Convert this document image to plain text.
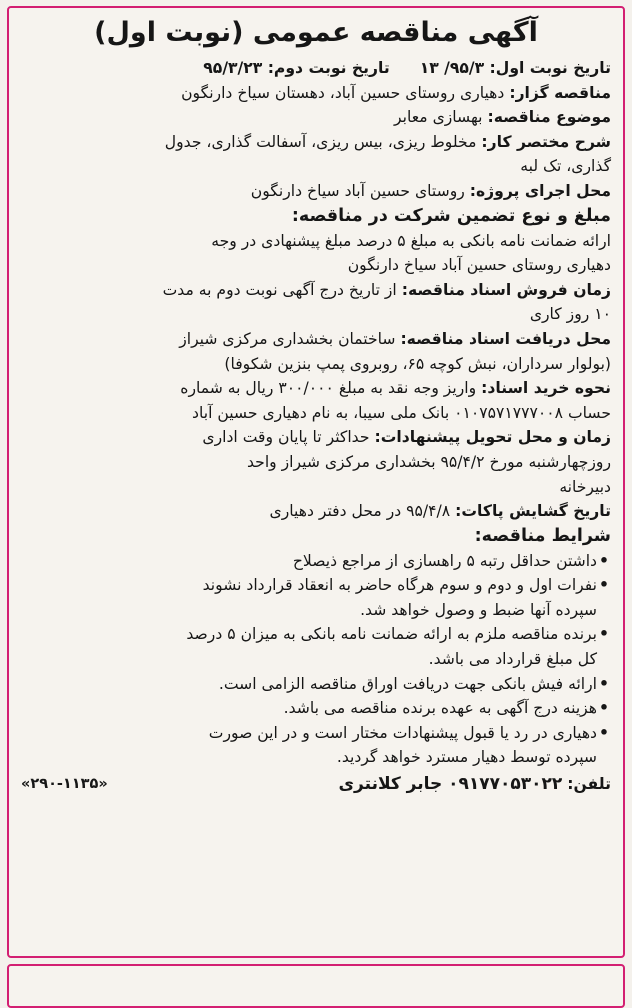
آگهی مناقصه عمومی (نوبت اول)
تاریخ نوبت اول: ۹۵/۳/ ۱۳
تاریخ نوبت دوم: ۹۵/۳/۲۳
مناقصه گزار: دهیاری روستای حسین آباد، دهستان سیاخ دارنگون
موضوع مناقصه: بهسازی معابر
شرح مختصر کار: مخلوط ریزی، بیس ریزی، آسفالت گذاری، جدول
گذاری، تک لبه
محل اجرای پروژه: روستای حسین آباد سیاخ دارنگون
مبلغ و نوع تضمین شرکت در مناقصه:
ارائه ضمانت نامه بانکی به مبلغ ۵ درصد مبلغ پیشنهادی در وجه
دهیاری روستای حسین آباد سیاخ دارنگون
زمان فروش اسناد مناقصه: از تاریخ درج آگهی نوبت دوم به مدت
۱۰ روز کاری
محل دریافت اسناد مناقصه: ساختمان بخشداری مرکزی شیراز
(بولوار سرداران، نبش کوچه ۶۵، روبروی پمپ بنزین شکوفا)
نحوه خرید اسناد: واریز وجه نقد به مبلغ ۳۰۰/۰۰۰ ریال به شماره
حساب ۰۱۰۷۵۷۱۷۷۷۰۰۸ بانک ملی سیبا، به نام دهیاری حسین آباد
زمان و محل تحویل پیشنهادات: حداکثر تا پایان وقت اداری
روزچهارشنبه مورخ ۹۵/۴/۲ بخشداری مرکزی شیراز واحد
دبیرخانه
تاریخ گشایش پاکات: ۹۵/۴/۸ در محل دفتر دهیاری
شرایط مناقصه:
•
داشتن حداقل رتبه ۵ راهسازی از مراجع ذیصلاح
•
نفرات اول و دوم و سوم هرگاه حاضر به انعقاد قرارداد نشوند
سپرده آنها ضبط و وصول خواهد شد.
•
برنده مناقصه ملزم به ارائه ضمانت نامه بانکی به میزان ۵ درصد
کل مبلغ قرارداد می باشد.
•
ارائه فیش بانکی جهت دریافت اوراق مناقصه الزامی است.
•
هزینه درج آگهی به عهده برنده مناقصه می باشد.
•
دهیاری در رد یا قبول پیشنهادات مختار است و در این صورت
سپرده توسط دهیار مسترد خواهد گردید.
تلفن: ۰۹۱۷۷۰۵۳۰۲۲ جابر کلانتری
«۲۹۰-۱۱۳۵»
